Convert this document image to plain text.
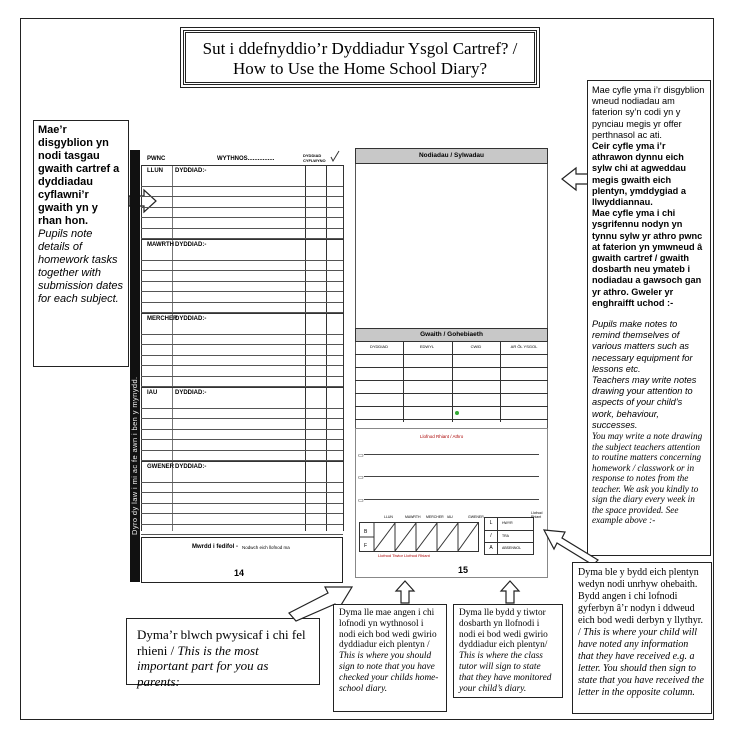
Sut i ddefnyddio’r Dyddiadur Ysgol Cartref? /
How to Use the Home School Diary?
Mae’r disgyblion yn nodi tasgau gwaith cartref a dyddiadau cyflawni’r gwaith yn y rhan hon.
Pupils note details of homework tasks together with submission dates for each subject.
Dyro dy law i mi ac fe awn i ben y mynydd.
PWNC	WYTHNOS................
DYDDIAD CYFLWYNO
LLUN DYDDIAD:-
MAWRTH DYDDIAD:-
MERCHER
DYDDIAD:-
IAU	DYDDIAD:-
GWENER DYDDIAD:-
Mwrdd i fedifol - Nodwch eich llofnod ma
14
Nodiadau / Sylwadau
Gwaith / Gohebiaeth
DYDDIAD	EDWYL	CWID	AR ÔL YSGOL
Llofnod Rhiant / Athro
▭
▭
▭
LLUN	MAWRTH MERCHER IAU	GWENER
B
F
L	HWYR
/	TRA
A	ABSENNOL
Llofnod Tiwtor Llofnod Rhiant
15
Llofnod Rhiant
Mae cyfle yma i’r disgyblion wneud nodiadau am faterion sy’n codi yn y pynciau megis yr offer perthnasol ac ati.
Ceir cyfle yma i’r athrawon dynnu eich sylw chi at agweddau megis gwaith eich plentyn, ymddygiad a llwyddiannau.
Mae cyfle yma i chi ysgrifennu nodyn yn tynnu sylw yr athro pwnc at faterion yn ymwneud â gwaith cartref / gwaith dosbarth neu ymateb i nodiadau a gawsoch gan yr athro. Gweler yr enghraifft uchod :-
Pupils make notes to remind themselves of various matters such as necessary equipment for lessons etc.
Teachers may write notes drawing your attention to aspects of your child’s work, behaviour, successes.
You may write a note drawing the subject teachers attention to routine matters concerning homework / classwork or in response to notes from the teacher. We ask you kindly to sign the diary every week in the space provided. See example above :-
Dyma ble y bydd eich plentyn wedyn nodi unrhyw ohebaith. Bydd angen i chi lofnodi gyferbyn â’r nodyn i ddweud eich bod wedi derbyn y llythyr. / This is where your child will have noted any information that they have received e.g. a letter. You should then sign to state that you have received the letter in the opposite column.
Dyma’r blwch pwysicaf i chi fel rhieni / This is the most important part for you as parents:
Dyma lle mae angen i chi lofnodi yn wythnosol i nodi eich bod wedi gwirio dyddiadur eich plentyn / This is where you should sign to note that you have checked your childs home-school diary.
Dyma lle bydd y tiwtor dosbarth yn llofnodi i nodi ei bod wedi gwirio dyddiadur eich plentyn/ This is where the class tutor will sign to state that they have monitored your child’s diary.
